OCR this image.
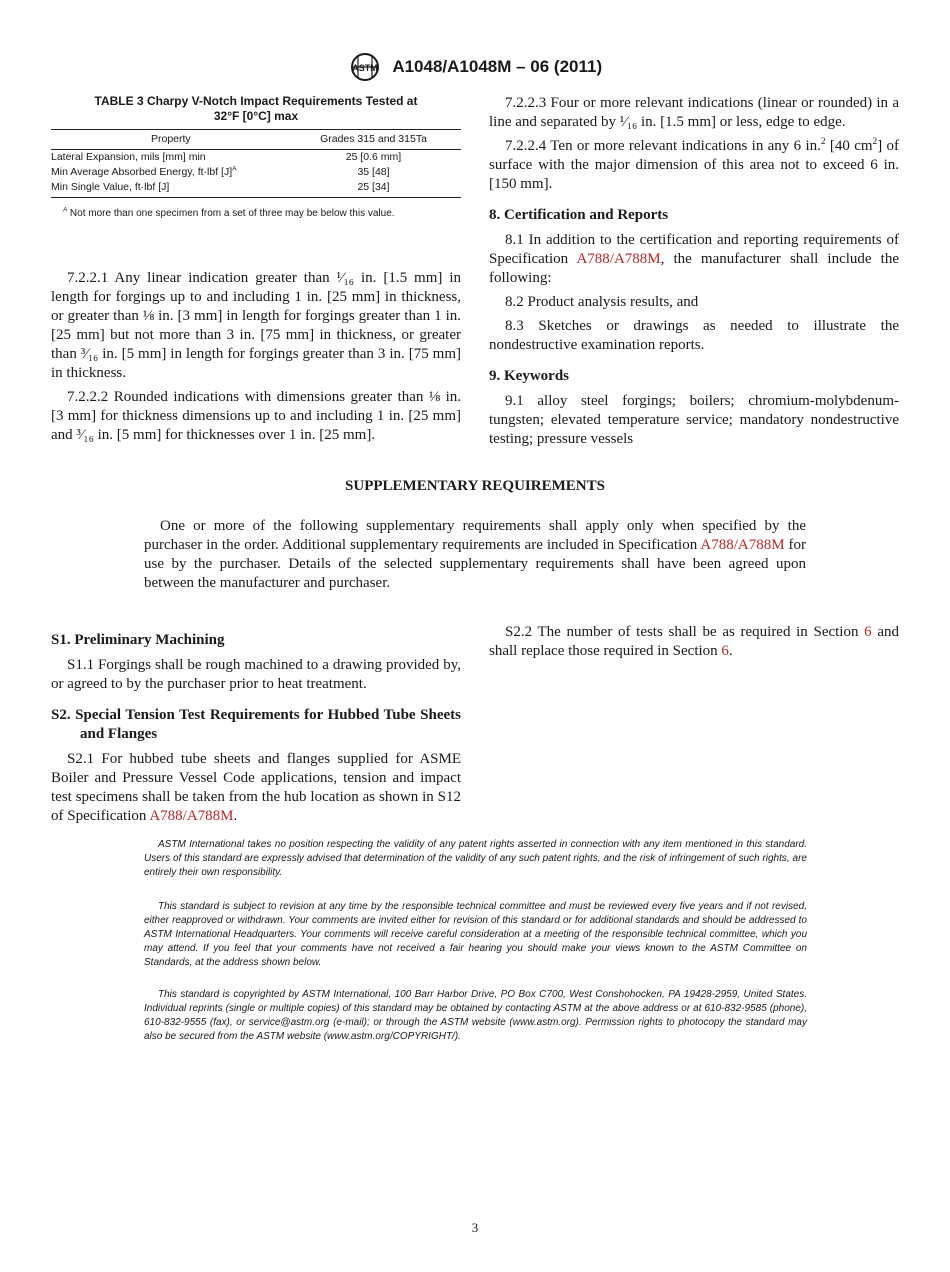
ASTM A1048/A1048M – 06 (2011)
TABLE 3 Charpy V-Notch Impact Requirements Tested at
32°F [0°C] max
Property	Grades 315 and 315Ta
Lateral Expansion, mils [mm] min	25 [0.6 mm]
Min Average Absorbed Energy, ft·lbf $[J]^A$	35 [48]
Min Single Value, ft·lbf [J]	25 [34]
$^A$ Not more than one specimen from a set of three may be below this value.

7.2.2.1 Any linear indication greater than ¹⁄₁₆ in. [1.5 mm] in length for forgings up to and including 1 in. [25 mm] in thickness, or greater than ⅛ in. [3 mm] in length for forgings greater than 1 in. [25 mm] but not more than 3 in. [75 mm] in thickness, or greater than ³⁄₁₆ in. [5 mm] in length for forgings greater than 3 in. [75 mm] in thickness.

7.2.2.2 Rounded indications with dimensions greater than ⅛ in. [3 mm] for thickness dimensions up to and including 1 in. [25 mm] and ³⁄₁₆ in. [5 mm] for thicknesses over 1 in. [25 mm].

7.2.2.3 Four or more relevant indications (linear or rounded) in a line and separated by ¹⁄₁₆ in. [1.5 mm] or less, edge to edge.

7.2.2.4 Ten or more relevant indications in any 6 in.$^2$ [40 $cm^2$] of surface with the major dimension of this area not to exceed 6 in. [150 mm].

8. Certification and Reports

8.1 In addition to the certification and reporting requirements of Specification A788/A788M, the manufacturer shall include the following:

8.2 Product analysis results, and

8.3 Sketches or drawings as needed to illustrate the nondestructive examination reports.

9. Keywords

9.1 alloy steel forgings; boilers; chromium-molybdenum-tungsten; elevated temperature service; mandatory nondestructive testing; pressure vessels

SUPPLEMENTARY REQUIREMENTS

One or more of the following supplementary requirements shall apply only when specified by the purchaser in the order. Additional supplementary requirements are included in Specification A788/A788M for use by the purchaser. Details of the selected supplementary requirements shall have been agreed upon between the manufacturer and purchaser.

S1. Preliminary Machining

S1.1 Forgings shall be rough machined to a drawing provided by, or agreed to by the purchaser prior to heat treatment.

S2. Special Tension Test Requirements for Hubbed Tube Sheets and Flanges

S2.1 For hubbed tube sheets and flanges supplied for ASME Boiler and Pressure Vessel Code applications, tension and impact test specimens shall be taken from the hub location as shown in S12 of Specification A788/A788M.

S2.2 The number of tests shall be as required in Section 6 and shall replace those required in Section 6.

ASTM International takes no position respecting the validity of any patent rights asserted in connection with any item mentioned in this standard. Users of this standard are expressly advised that determination of the validity of any such patent rights, and the risk of infringement of such rights, are entirely their own responsibility.

This standard is subject to revision at any time by the responsible technical committee and must be reviewed every five years and if not revised, either reapproved or withdrawn. Your comments are invited either for revision of this standard or for additional standards and should be addressed to ASTM International Headquarters. Your comments will receive careful consideration at a meeting of the responsible technical committee, which you may attend. If you feel that your comments have not received a fair hearing you should make your views known to the ASTM Committee on Standards, at the address shown below.

This standard is copyrighted by ASTM International, 100 Barr Harbor Drive, PO Box C700, West Conshohocken, PA 19428-2959, United States. Individual reprints (single or multiple copies) of this standard may be obtained by contacting ASTM at the above address or at 610-832-9585 (phone), 610-832-9555 (fax), or service@astm.org (e-mail); or through the ASTM website (www.astm.org). Permission rights to photocopy the standard may also be secured from the ASTM website (www.astm.org/COPYRIGHT/).

3
